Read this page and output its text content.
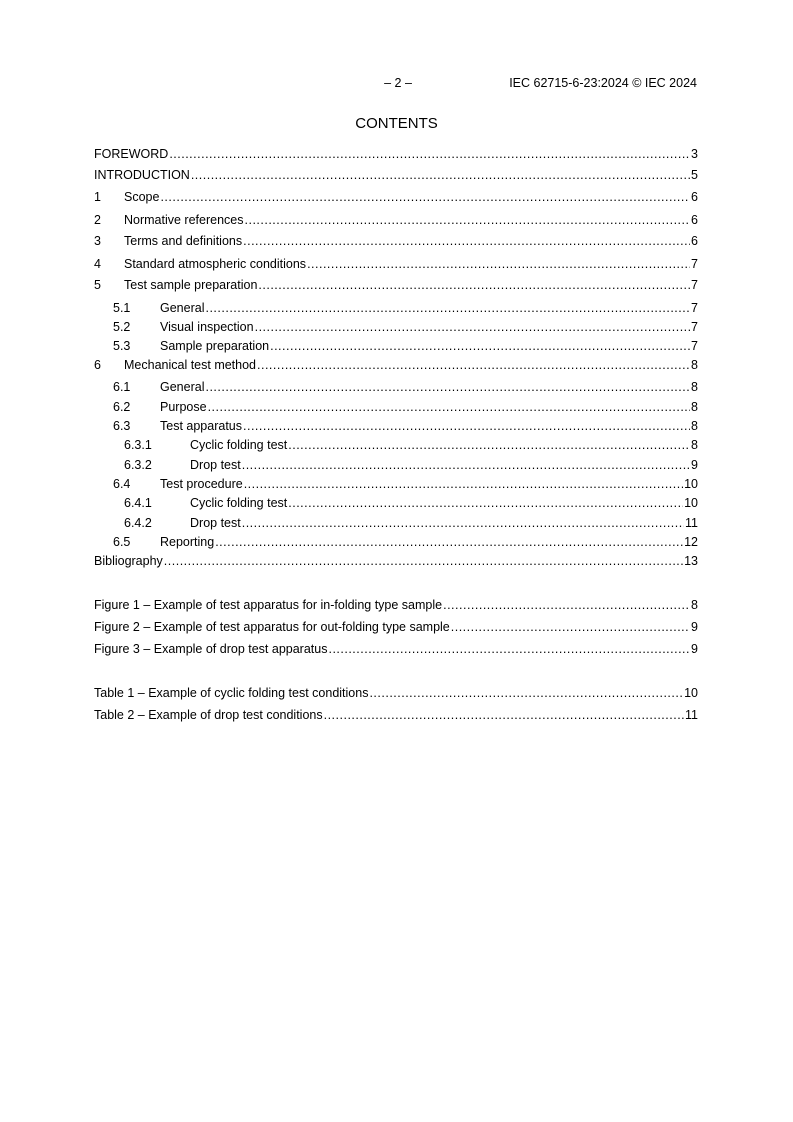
– 2 –	IEC 62715-6-23:2024 © IEC 2024
CONTENTS
FOREWORD .....	3
INTRODUCTION .....	5
1	Scope .....	6
2	Normative references .....	6
3	Terms and definitions .....	6
4	Standard atmospheric conditions .....	7
5	Test sample preparation .....	7
5.1	General .....	7
5.2	Visual inspection .....	7
5.3	Sample preparation .....	7
6	Mechanical test method .....	8
6.1	General .....	8
6.2	Purpose .....	8
6.3	Test apparatus .....	8
6.3.1	Cyclic folding test .....	8
6.3.2	Drop test .....	9
6.4	Test procedure .....	10
6.4.1	Cyclic folding test .....	10
6.4.2	Drop test .....	11
6.5	Reporting .....	12
Bibliography .....	13
Figure 1 – Example of test apparatus for in-folding type sample .....	8
Figure 2 – Example of test apparatus for out-folding type sample .....	9
Figure 3 – Example of drop test apparatus .....	9
Table 1 – Example of cyclic folding test conditions .....	10
Table 2 – Example of drop test conditions .....	11
